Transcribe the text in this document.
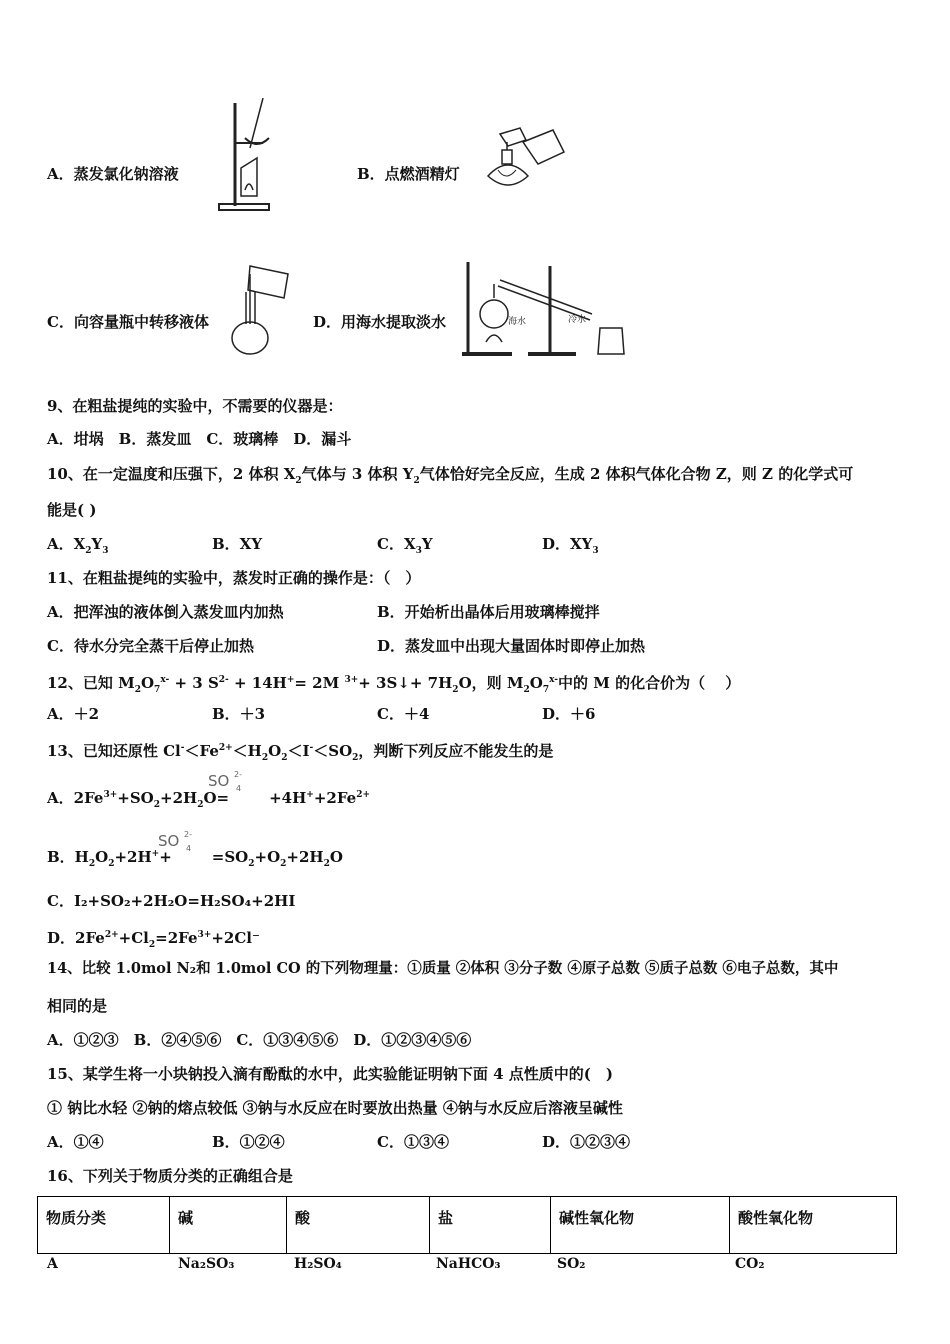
A．蒸发氯化钠溶液	B．点燃酒精灯
C．向容量瓶中转移液体	D．用海水提取淡水	海水	冷水
9、在粗盐提纯的实验中，不需要的仪器是：
A．坩埚　B．蒸发皿　C．玻璃棒　D．漏斗
10、在一定温度和压强下，2 体积 $X_2$气体与 3 体积 $Y_2$气体恰好完全反应，生成 2 体积气体化合物 Z，则 Z 的化学式可
能是( )
A．$X_2Y_3$	B．XY	C．$X_3Y$	D．$XY_3$
11、在粗盐提纯的实验中，蒸发时正确的操作是：（　）
A．把浑浊的液体倒入蒸发皿内加热	B．开始析出晶体后用玻璃棒搅拌
C．待水分完全蒸干后停止加热	D．蒸发皿中出现大量固体时即停止加热
12、已知 $M_2O_7^{x-} + 3$ $S^{2-} + 14H^+= 2M$ $^{3+}$+ 3S↓+ $7H_2O$，则 $M_2O_7^{x-}$中的 M 的化合价为（　 ）
A．＋2	B．＋3	C．＋4	D．＋6
13、已知还原性 $Cl^-<Fe^{2+}<H_2O_2<I^-<SO_2$，判断下列反应不能发生的是
A．$2Fe^{3+}+SO_2+2H_2O=$	$+4H^++2Fe^{2+}$
SO 2-
4
B．$H_2O_2+2H^++$	$=SO_2+O_2+2H_2O$
SO 2-
4
C．I₂+SO₂+2H₂O=H₂SO₄+2HI
D．$2Fe^{2+}+Cl_2=2Fe^{3+}+2Cl^-$
14、比较 1.0mol N₂和 1.0mol CO 的下列物理量：①质量 ②体积 ③分子数 ④原子总数 ⑤质子总数 ⑥电子总数，其中
相同的是
A．①②③　B．②④⑤⑥　C．①③④⑤⑥　D．①②③④⑤⑥
15、某学生将一小块钠投入滴有酚酞的水中，此实验能证明钠下面 4 点性质中的(　)
① 钠比水轻 ②钠的熔点较低 ③钠与水反应在时要放出热量 ④钠与水反应后溶液呈碱性
A．①④	B．①②④	C．①③④	D．①②③④
16、下列关于物质分类的正确组合是
物质分类	碱	酸	盐	碱性氧化物	酸性氧化物
A	Na₂SO₃	H₂SO₄	NaHCO₃	SO₂	CO₂
